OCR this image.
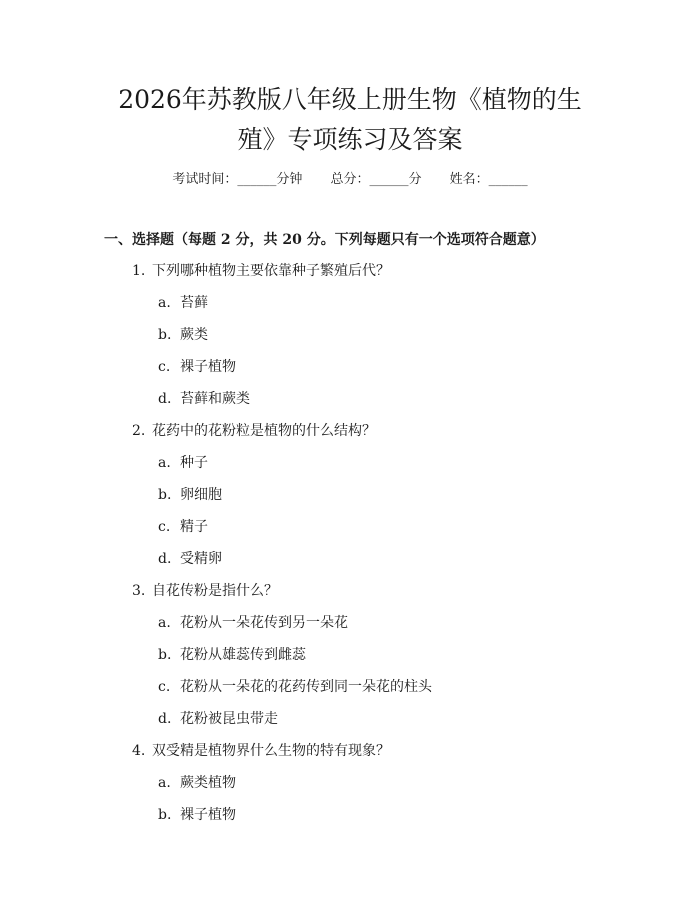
2026年苏教版八年级上册生物《植物的生
殖》专项练习及答案
考试时间：______分钟 总分：______分 姓名：______
一、选择题（每题 2 分，共 20 分。下列每题只有一个选项符合题意）
1. 下列哪种植物主要依靠种子繁殖后代？
a. 苔藓
b. 蕨类
c. 裸子植物
d. 苔藓和蕨类
2. 花药中的花粉粒是植物的什么结构？
a. 种子
b. 卵细胞
c. 精子
d. 受精卵
3. 自花传粉是指什么？
a. 花粉从一朵花传到另一朵花
b. 花粉从雄蕊传到雌蕊
c. 花粉从一朵花的花药传到同一朵花的柱头
d. 花粉被昆虫带走
4. 双受精是植物界什么生物的特有现象？
a. 蕨类植物
b. 裸子植物
